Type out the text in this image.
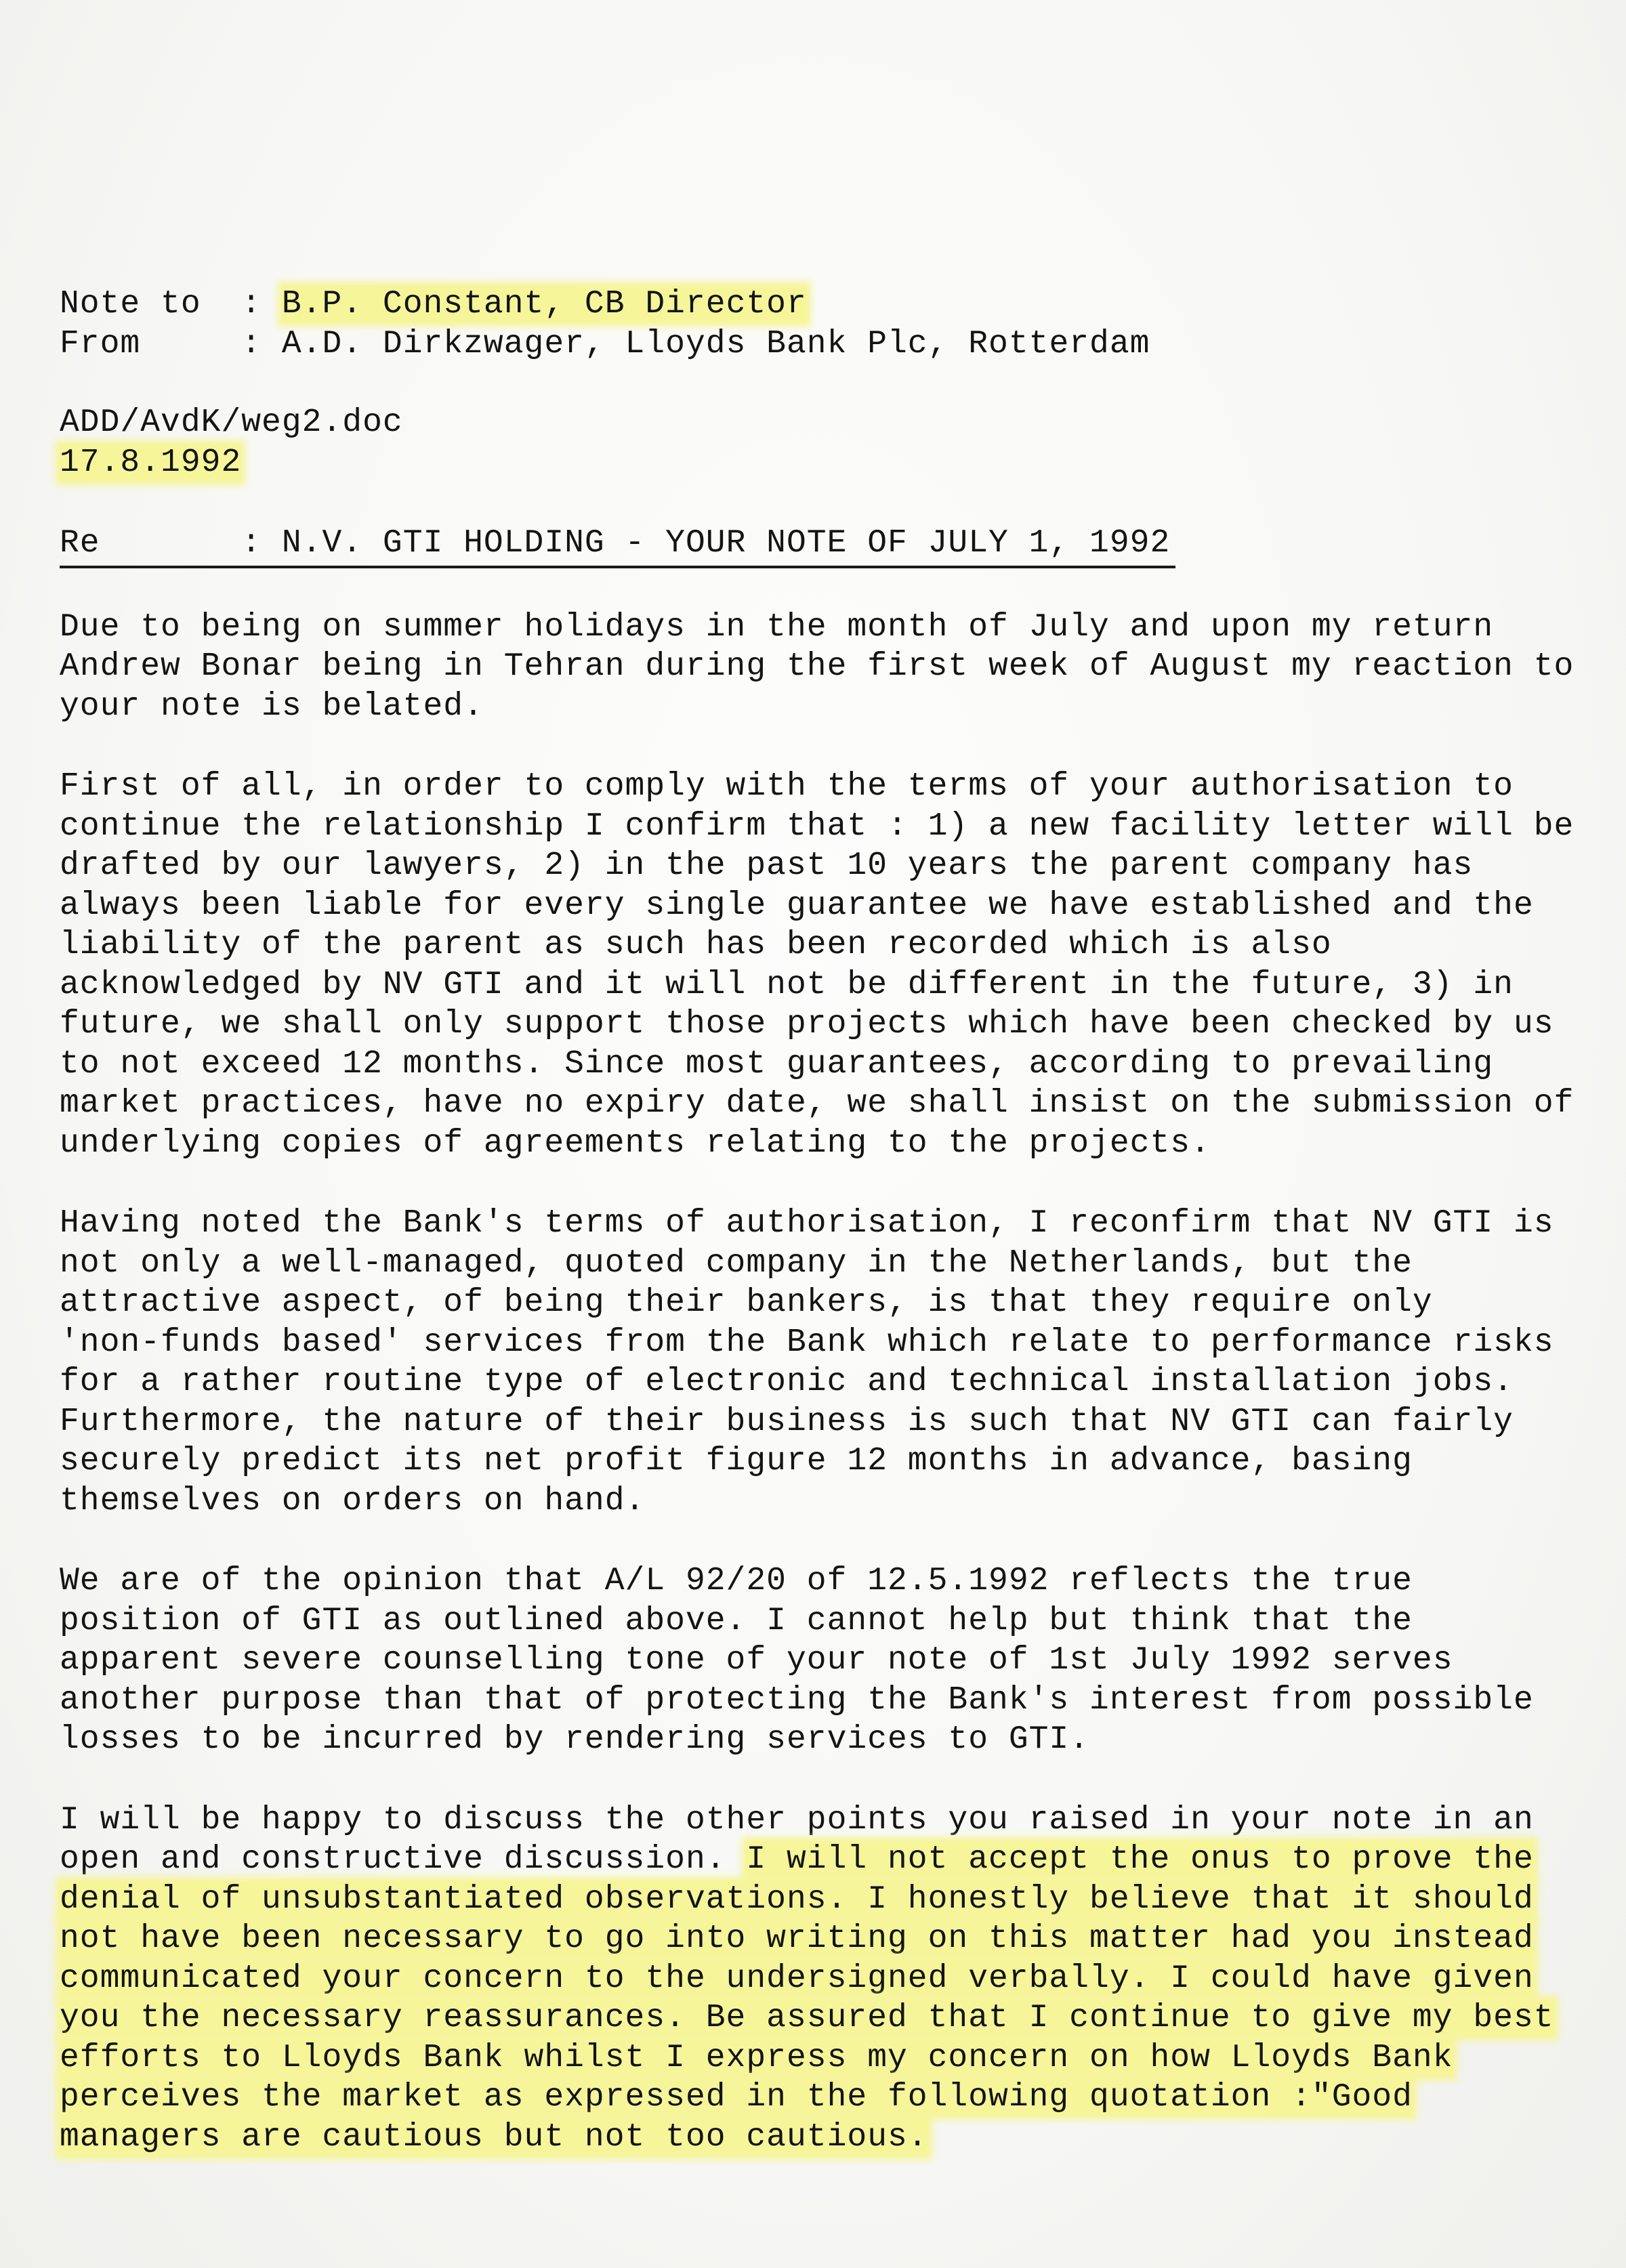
Note to  : B.P. Constant, CB Director
From     : A.D. Dirkzwager, Lloyds Bank Plc, Rotterdam
ADD/AvdK/weg2.doc
17.8.1992
Re       : N.V. GTI HOLDING - YOUR NOTE OF JULY 1, 1992
Due to being on summer holidays in the month of July and upon my return
Andrew Bonar being in Tehran during the first week of August my reaction to
your note is belated.
First of all, in order to comply with the terms of your authorisation to
continue the relationship I confirm that : 1) a new facility letter will be
drafted by our lawyers, 2) in the past 10 years the parent company has
always been liable for every single guarantee we have established and the
liability of the parent as such has been recorded which is also
acknowledged by NV GTI and it will not be different in the future, 3) in
future, we shall only support those projects which have been checked by us
to not exceed 12 months. Since most guarantees, according to prevailing
market practices, have no expiry date, we shall insist on the submission of
underlying copies of agreements relating to the projects.
Having noted the Bank's terms of authorisation, I reconfirm that NV GTI is
not only a well-managed, quoted company in the Netherlands, but the
attractive aspect, of being their bankers, is that they require only
'non-funds based' services from the Bank which relate to performance risks
for a rather routine type of electronic and technical installation jobs.
Furthermore, the nature of their business is such that NV GTI can fairly
securely predict its net profit figure 12 months in advance, basing
themselves on orders on hand.
We are of the opinion that A/L 92/20 of 12.5.1992 reflects the true
position of GTI as outlined above. I cannot help but think that the
apparent severe counselling tone of your note of 1st July 1992 serves
another purpose than that of protecting the Bank's interest from possible
losses to be incurred by rendering services to GTI.
I will be happy to discuss the other points you raised in your note in an
open and constructive discussion. I will not accept the onus to prove the
denial of unsubstantiated observations. I honestly believe that it should
not have been necessary to go into writing on this matter had you instead
communicated your concern to the undersigned verbally. I could have given
you the necessary reassurances. Be assured that I continue to give my best
efforts to Lloyds Bank whilst I express my concern on how Lloyds Bank
perceives the market as expressed in the following quotation :"Good
managers are cautious but not too cautious.
